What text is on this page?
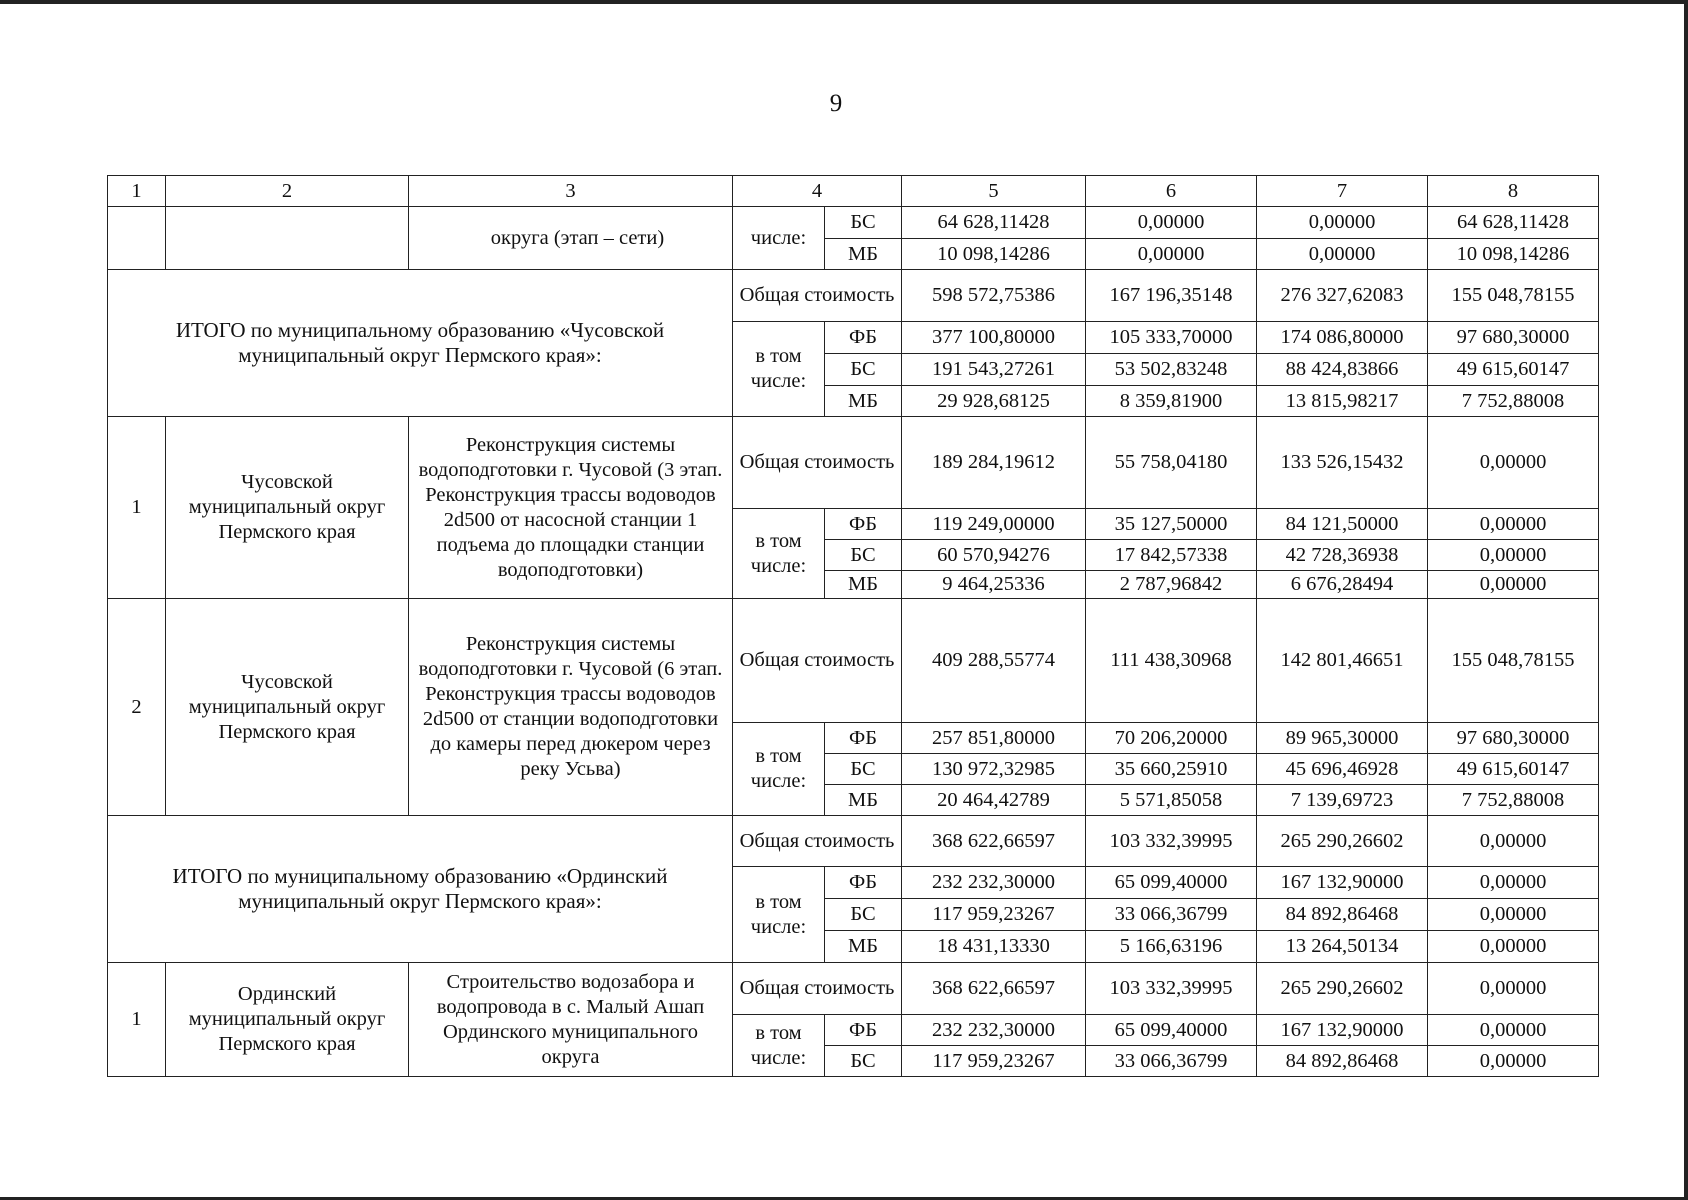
9
1	2	3	4		5	6	7	8
		округа (этап – сети)	числе:	БС	64 628,11428	0,00000	0,00000	64 628,11428
				МБ	10 098,14286	0,00000	0,00000	10 098,14286
ИТОГО по муниципальному образованию «Чусовской муниципальный округ Пермского края»:			Общая стоимость		598 572,75386	167 196,35148	276 327,62083	155 048,78155
			в том числе:	ФБ	377 100,80000	105 333,70000	174 086,80000	97 680,30000
				БС	191 543,27261	53 502,83248	88 424,83866	49 615,60147
				МБ	29 928,68125	8 359,81900	13 815,98217	7 752,88008
1	Чусовской муниципальный округ Пермского края	Реконструкция системы водоподготовки г. Чусовой (3 этап. Реконструкция трассы водоводов 2d500 от насосной станции 1 подъема до площадки станции водоподготовки)	Общая стоимость		189 284,19612	55 758,04180	133 526,15432	0,00000
			в том числе:	ФБ	119 249,00000	35 127,50000	84 121,50000	0,00000
				БС	60 570,94276	17 842,57338	42 728,36938	0,00000
				МБ	9 464,25336	2 787,96842	6 676,28494	0,00000
2	Чусовской муниципальный округ Пермского края	Реконструкция системы водоподготовки г. Чусовой (6 этап. Реконструкция трассы водоводов 2d500 от станции водоподготовки до камеры перед дюкером через реку Усьва)	Общая стоимость		409 288,55774	111 438,30968	142 801,46651	155 048,78155
			в том числе:	ФБ	257 851,80000	70 206,20000	89 965,30000	97 680,30000
				БС	130 972,32985	35 660,25910	45 696,46928	49 615,60147
				МБ	20 464,42789	5 571,85058	7 139,69723	7 752,88008
ИТОГО по муниципальному образованию «Ординский муниципальный округ Пермского края»:			Общая стоимость		368 622,66597	103 332,39995	265 290,26602	0,00000
			в том числе:	ФБ	232 232,30000	65 099,40000	167 132,90000	0,00000
				БС	117 959,23267	33 066,36799	84 892,86468	0,00000
				МБ	18 431,13330	5 166,63196	13 264,50134	0,00000
1	Ординский муниципальный округ Пермского края	Строительство водозабора и водопровода в с. Малый Ашап Ординского муниципального округа	Общая стоимость		368 622,66597	103 332,39995	265 290,26602	0,00000
			в том числе:	ФБ	232 232,30000	65 099,40000	167 132,90000	0,00000
				БС	117 959,23267	33 066,36799	84 892,86468	0,00000
